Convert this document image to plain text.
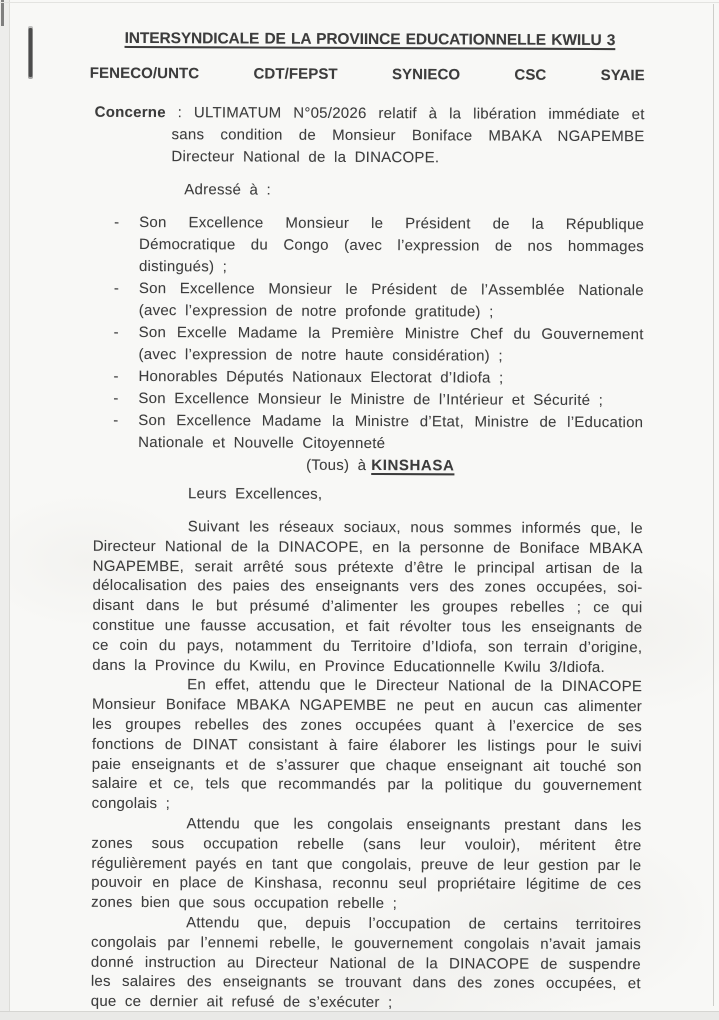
INTERSYNDICALE DE LA PROVIINCE EDUCATIONNELLE KWILU 3
FENECO/UNTC	CDT/FEPST	SYNIECO	CSC	SYAIE
Concerne : ULTIMATUM N°05/2026 relatif à la libération immédiate et sans condition de Monsieur Boniface MBAKA NGAPEMBE Directeur National de la DINACOPE.
Adressé à :
- Son Excellence Monsieur le Président de la République Démocratique du Congo (avec l’expression de nos hommages distingués) ;
- Son Excellence Monsieur le Président de l’Assemblée Nationale (avec l’expression de notre profonde gratitude) ;
- Son Excelle Madame la Première Ministre Chef du Gouvernement (avec l’expression de notre haute considération) ;
- Honorables Députés Nationaux Electorat d’Idiofa ;
- Son Excellence Monsieur le Ministre de l’Intérieur et Sécurité ;
- Son Excellence Madame la Ministre d’Etat, Ministre de l’Education Nationale et Nouvelle Citoyenneté
(Tous) à KINSHASA
Leurs Excellences,

Suivant les réseaux sociaux, nous sommes informés que, le Directeur National de la DINACOPE, en la personne de Boniface MBAKA NGAPEMBE, serait arrêté sous prétexte d’être le principal artisan de la délocalisation des paies des enseignants vers des zones occupées, soi-disant dans le but présumé d’alimenter les groupes rebelles ; ce qui constitue une fausse accusation, et fait révolter tous les enseignants de ce coin du pays, notamment du Territoire d’Idiofa, son terrain d’origine, dans la Province du Kwilu, en Province Educationnelle Kwilu 3/Idiofa.

En effet, attendu que le Directeur National de la DINACOPE Monsieur Boniface MBAKA NGAPEMBE ne peut en aucun cas alimenter les groupes rebelles des zones occupées quant à l’exercice de ses fonctions de DINAT consistant à faire élaborer les listings pour le suivi paie enseignants et de s’assurer que chaque enseignant ait touché son salaire et ce, tels que recommandés par la politique du gouvernement congolais ;

Attendu que les congolais enseignants prestant dans les zones sous occupation rebelle (sans leur vouloir), méritent être régulièrement payés en tant que congolais, preuve de leur gestion par le pouvoir en place de Kinshasa, reconnu seul propriétaire légitime de ces zones bien que sous occupation rebelle ;

Attendu que, depuis l’occupation de certains territoires congolais par l’ennemi rebelle, le gouvernement congolais n’avait jamais donné instruction au Directeur National de la DINACOPE de suspendre les salaires des enseignants se trouvant dans des zones occupées, et que ce dernier ait refusé de s’exécuter ;
